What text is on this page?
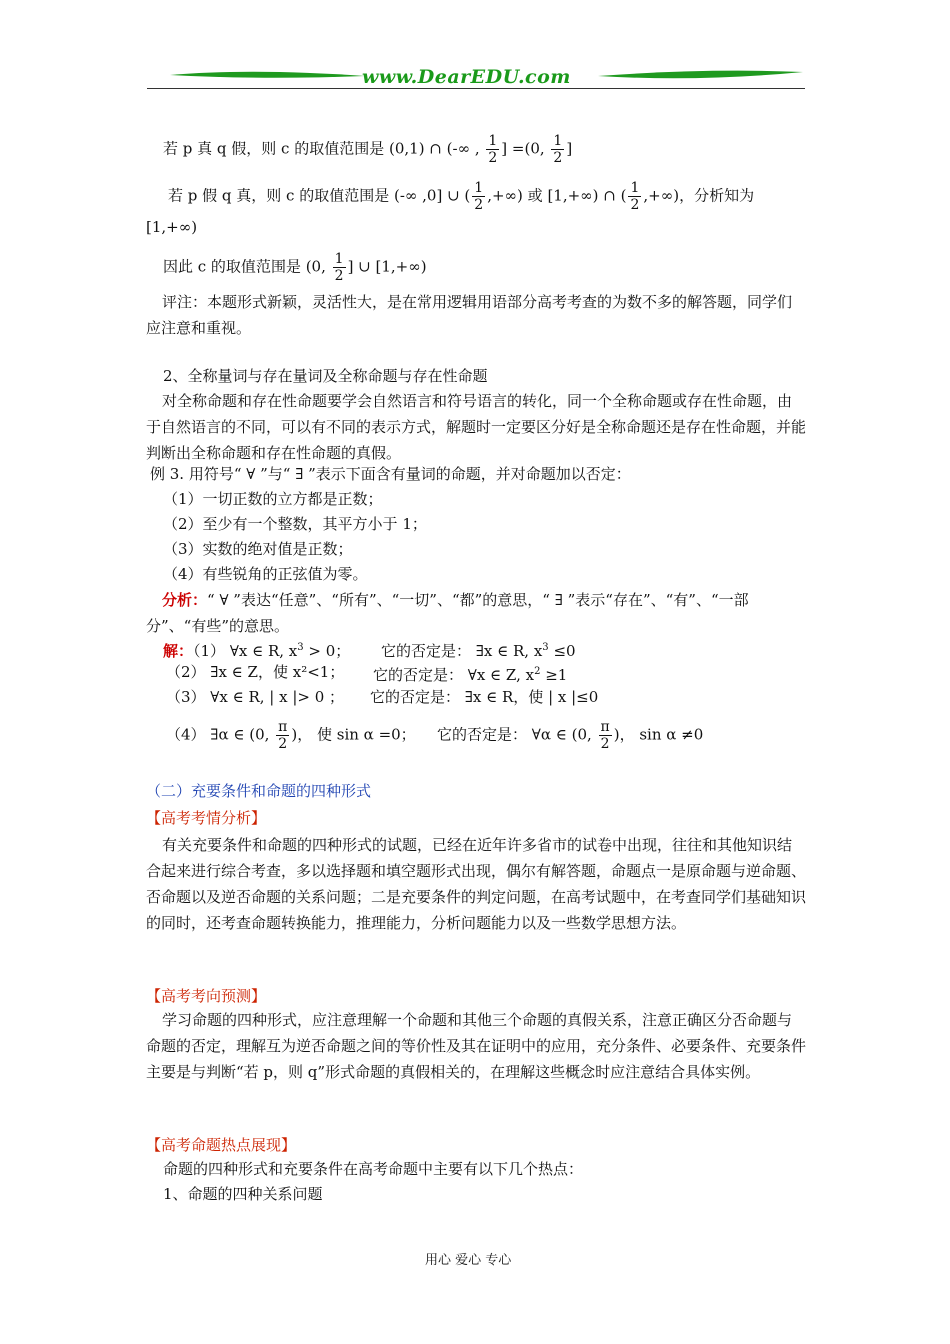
www.DearEDU.com
若 p 真 q 假，则 c 的取值范围是 (0,1) ∩ (-∞ , $\frac{1}{2}$ ] =(0, $\frac{1}{2}$ ]
若 p 假 q 真，则 c 的取值范围是 (-∞ ,0] ∪ ( $\frac{1}{2}$ ,+∞) 或 [1,+∞) ∩ ( $\frac{1}{2}$ ,+∞)，分析知为
[1,+∞)
因此 c 的取值范围是 (0, $\frac{1}{2}$ ] ∪ [1,+∞)
评注：本题形式新颖，灵活性大，是在常用逻辑用语部分高考考查的为数不多的解答题，同学们应注意和重视。
2、全称量词与存在量词及全称命题与存在性命题
对全称命题和存在性命题要学会自然语言和符号语言的转化，同一个全称命题或存在性命题，由于自然语言的不同，可以有不同的表示方式，解题时一定要区分好是全称命题还是存在性命题，并能判断出全称命题和存在性命题的真假。
例 3. 用符号“ ∀ ”与“ ∃ ”表示下面含有量词的命题，并对命题加以否定：
（1）一切正数的立方都是正数；
（2）至少有一个整数，其平方小于 1；
（3）实数的绝对值是正数；
（4）有些锐角的正弦值为零。
分析：“ ∀ ”表达“任意”、“所有”、“一切”、“都”的意思，“ ∃ ”表示“存在”、“有”、“一部分”、“有些”的意思。
解：（1） ∀x ∈ R, $x^3 > 0$； 它的否定是： ∃x ∈ R, $x^3 \le 0$
（2） ∃x ∈ Z，使 x²<1； 它的否定是： ∀x ∈ Z, $x^2 \ge 1$
（3） ∀x ∈ R, | x |> 0 ； 它的否定是： ∃x ∈ R，使 | x |≤0
（4） ∃α ∈ (0, $\frac{\pi}{2}$ )， 使 sin α =0； 它的否定是： ∀α ∈ (0, $\frac{\pi}{2}$ )， sin α ≠0
（二）充要条件和命题的四种形式
【高考考情分析】
有关充要条件和命题的四种形式的试题，已经在近年许多省市的试卷中出现，往往和其他知识结合起来进行综合考查，多以选择题和填空题形式出现，偶尔有解答题，命题点一是原命题与逆命题、否命题以及逆否命题的关系问题；二是充要条件的判定问题，在高考试题中，在考查同学们基础知识的同时，还考查命题转换能力，推理能力，分析问题能力以及一些数学思想方法。
【高考考向预测】
学习命题的四种形式，应注意理解一个命题和其他三个命题的真假关系，注意正确区分否命题与命题的否定，理解互为逆否命题之间的等价性及其在证明中的应用，充分条件、必要条件、充要条件主要是与判断“若 p，则 q”形式命题的真假相关的，在理解这些概念时应注意结合具体实例。
【高考命题热点展现】
命题的四种形式和充要条件在高考命题中主要有以下几个热点：
1、命题的四种关系问题
用心 爱心 专心
